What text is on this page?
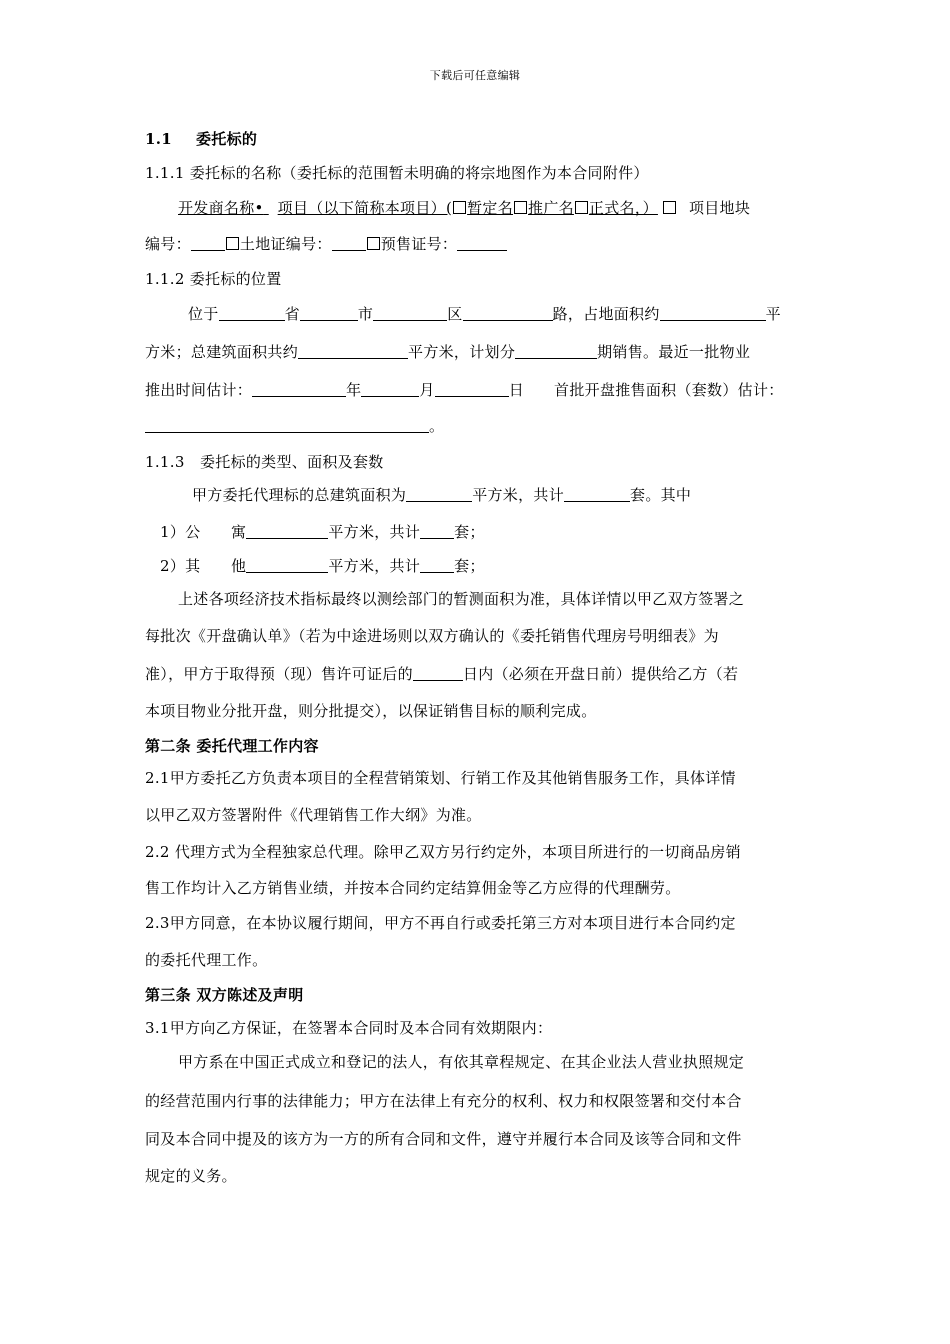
下载后可任意编辑
1.1 委托标的
1.1.1 委托标的名称（委托标的范围暂未明确的将宗地图作为本合同附件）
开发商名称• 项目（以下简称本项目）( 暂定名 推广名 正式名，） 项目地块
编号：	土地证编号：	预售证号：
1.1.2 委托标的位置
位于	省	市	区	路，占地面积约	平
方米；总建筑面积共约	平方米，计划分	期销售。最近一批物业
推出时间估计：	年	月	日 首批开盘推售面积（套数）估计：
。
1.1.3　委托标的类型、面积及套数
甲方委托代理标的总建筑面积为	平方米，共计	套。其中
1）公　　寓	平方米，共计 套；
2）其　　他	平方米，共计 套；
上述各项经济技术指标最终以测绘部门的暂测面积为准，具体详情以甲乙双方签署之
每批次《开盘确认单》（若为中途进场则以双方确认的《委托销售代理房号明细表》为
准），甲方于取得预（现）售许可证后的	日内（必须在开盘日前）提供给乙方（若
本项目物业分批开盘，则分批提交），以保证销售目标的顺利完成。
第二条 委托代理工作内容
2.1甲方委托乙方负责本项目的全程营销策划、行销工作及其他销售服务工作，具体详情
以甲乙双方签署附件《代理销售工作大纲》为准。
2.2 代理方式为全程独家总代理。除甲乙双方另行约定外，本项目所进行的一切商品房销
售工作均计入乙方销售业绩，并按本合同约定结算佣金等乙方应得的代理酬劳。
2.3甲方同意，在本协议履行期间，甲方不再自行或委托第三方对本项目进行本合同约定
的委托代理工作。
第三条 双方陈述及声明
3.1甲方向乙方保证，在签署本合同时及本合同有效期限内：
甲方系在中国正式成立和登记的法人，有依其章程规定、在其企业法人营业执照规定
的经营范围内行事的法律能力；甲方在法律上有充分的权利、权力和权限签署和交付本合
同及本合同中提及的该方为一方的所有合同和文件，遵守并履行本合同及该等合同和文件
规定的义务。
